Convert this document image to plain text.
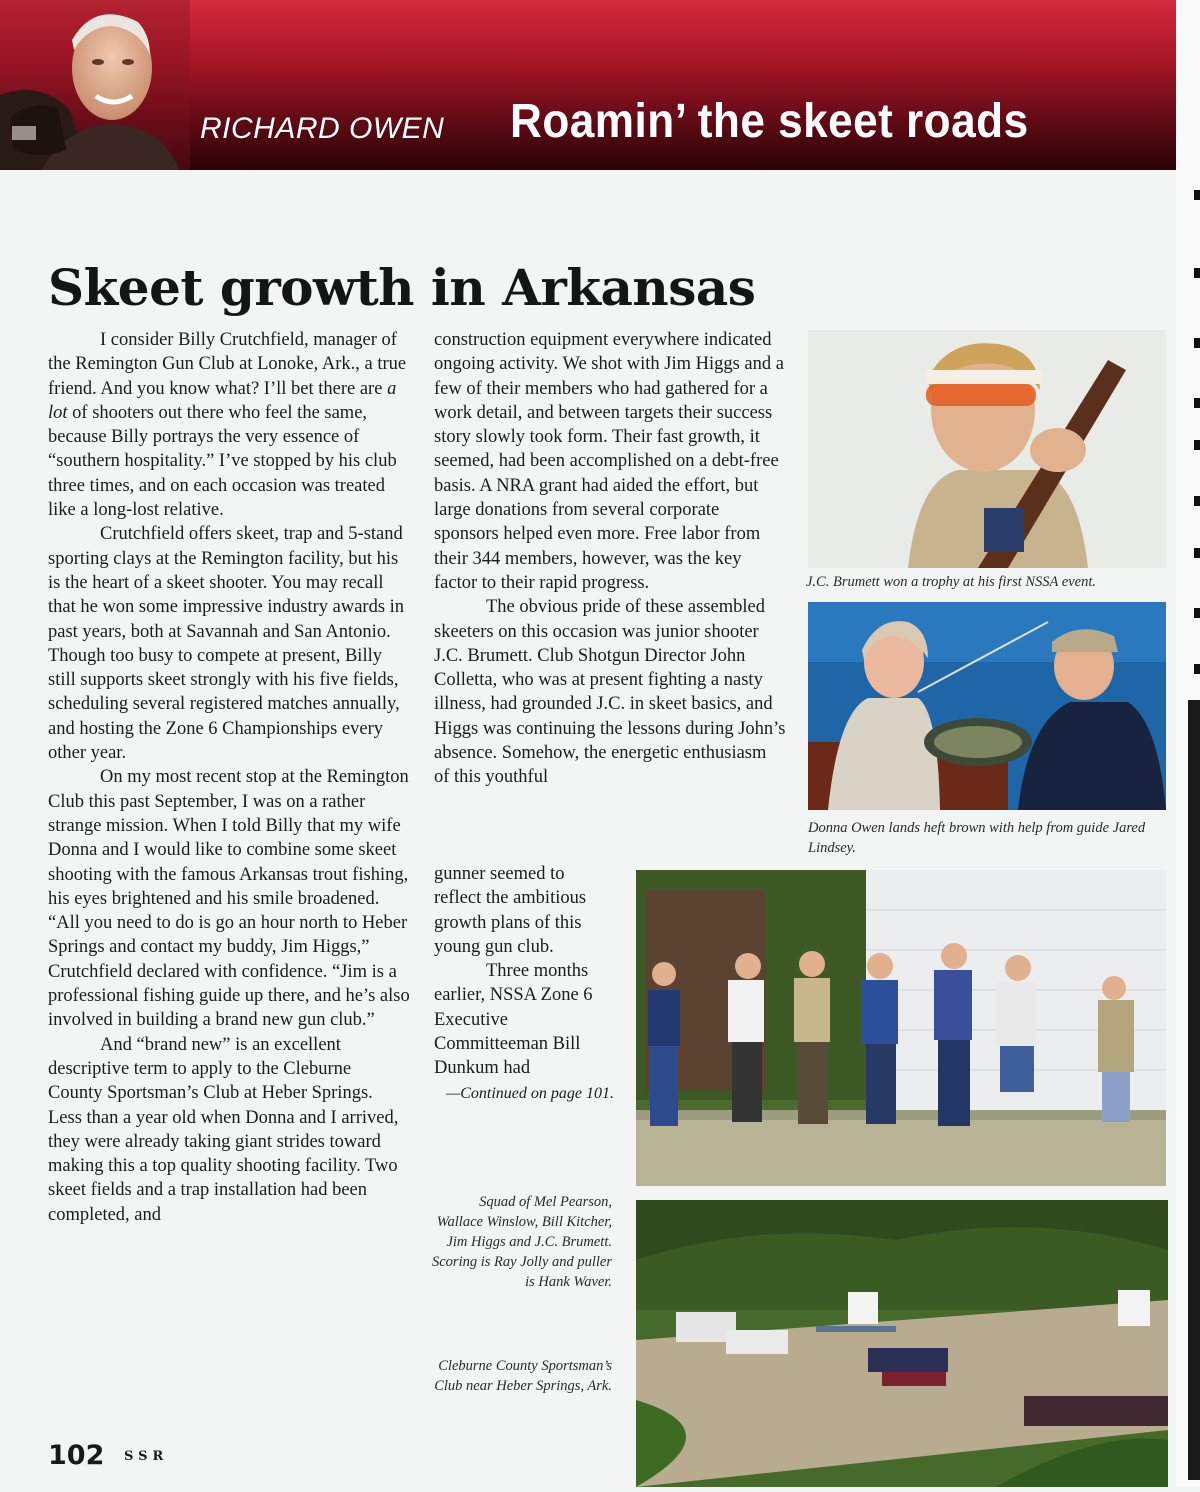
RICHARD OWEN Roamin’ the skeet roads
Skeet growth in Arkansas

I consider Billy Crutchfield, manager of the Remington Gun Club at Lonoke, Ark., a true friend. And you know what? I’ll bet there are a lot of shooters out there who feel the same, because Billy portrays the very essence of “southern hospitality.” I’ve stopped by his club three times, and on each occasion was treated like a long-lost relative.

Crutchfield offers skeet, trap and 5-stand sporting clays at the Remington facility, but his is the heart of a skeet shooter. You may recall that he won some impressive industry awards in past years, both at Savannah and San Antonio. Though too busy to compete at present, Billy still supports skeet strongly with his five fields, scheduling several registered matches annually, and hosting the Zone 6 Championships every other year.

On my most recent stop at the Remington Club this past September, I was on a rather strange mission. When I told Billy that my wife Donna and I would like to combine some skeet shooting with the famous Arkansas trout fishing, his eyes brightened and his smile broadened. “All you need to do is go an hour north to Heber Springs and contact my buddy, Jim Higgs,” Crutchfield declared with confidence. “Jim is a professional fishing guide up there, and he’s also involved in building a brand new gun club.”

And “brand new” is an excellent descriptive term to apply to the Cleburne County Sportsman’s Club at Heber Springs. Less than a year old when Donna and I arrived, they were already taking giant strides toward making this a top quality shooting facility. Two skeet fields and a trap installation had been completed, and

construction equipment everywhere indicated ongoing activity. We shot with Jim Higgs and a few of their members who had gathered for a work detail, and between targets their success story slowly took form. Their fast growth, it seemed, had been accomplished on a debt-free basis. A NRA grant had aided the effort, but large donations from several corporate sponsors helped even more. Free labor from their 344 members, however, was the key factor to their rapid progress.

The obvious pride of these assembled skeeters on this occasion was junior shooter J.C. Brumett. Club Shotgun Director John Colletta, who was at present fighting a nasty illness, had grounded J.C. in skeet basics, and Higgs was continuing the lessons during John’s absence. Somehow, the energetic enthusiasm of this youthful

gunner seemed to reflect the ambitious growth plans of this young gun club.

Three months earlier, NSSA Zone 6 Executive Committeeman Bill Dunkum had

—Continued on page 101.

J.C. Brumett won a trophy at his first NSSA event.
Donna Owen lands heft brown with help from guide Jared Lindsey.
Squad of Mel Pearson, Wallace Winslow, Bill Kitcher, Jim Higgs and J.C. Brumett. Scoring is Ray Jolly and puller is Hank Waver.
Cleburne County Sportsman’s Club near Heber Springs, Ark.
102 SSR
